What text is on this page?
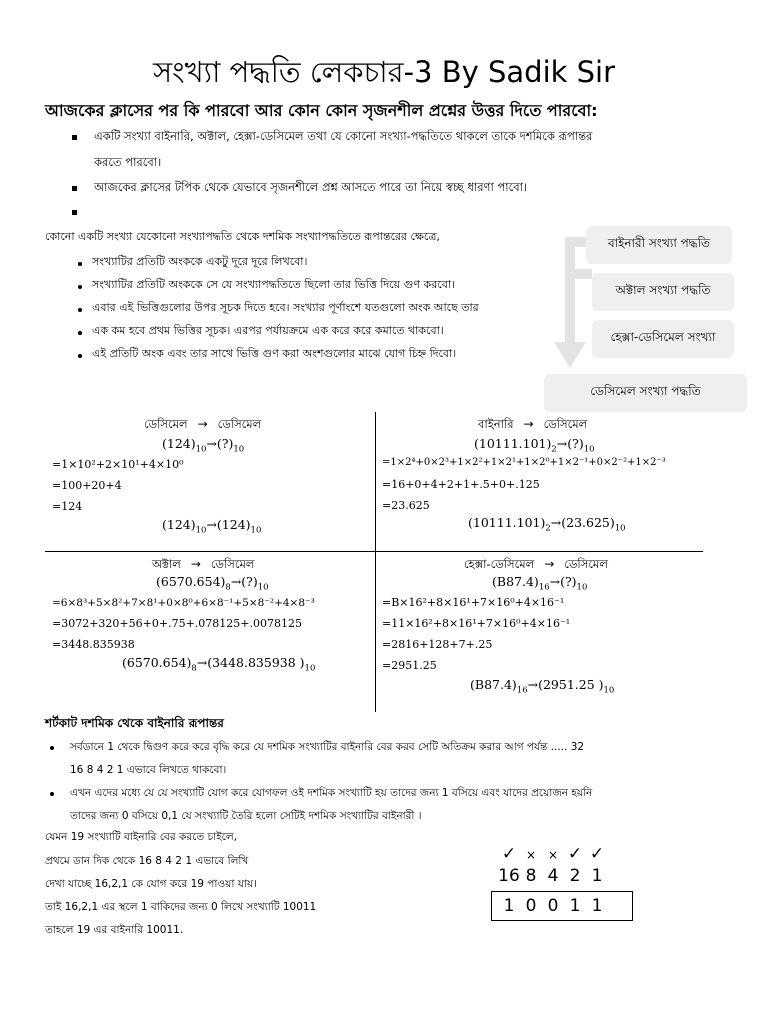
সংখ্যা পদ্ধতি লেকচার-3 By Sadik Sir
আজকের ক্লাসের পর কি পারবো আর কোন কোন সৃজনশীল প্রশ্নের উত্তর দিতে পারবো:
একটি সংখ্যা বাইনারি, অক্টাল, হেক্সা-ডেসিমেল তথা যে কোনো সংখ্যা-পদ্ধতিতে থাকলে তাকে দশমিকে রূপান্তর
করতে পারবো।
আজকের ক্লাসের টপিক থেকে যেভাবে সৃজনশীলে প্রশ্ন আসতে পারে তা নিয়ে স্বচ্ছ ধারণা পাবো।
কোনো একটি সংখ্যা যেকোনো সংখ্যাপদ্ধতি থেকে দশমিক সংখ্যাপদ্ধতিতে রূপান্তরের ক্ষেত্রে,
সংখ্যাটির প্রতিটি অংককে একটু দূরে দূরে লিখবো।
সংখ্যাটির প্রতিটি অংককে সে যে সংখ্যাপদ্ধতিতে ছিলো তার ভিত্তি দিয়ে গুণ করবো।
এবার এই ভিত্তিগুলোর উপর সূচক দিতে হবে। সংখ্যার পূর্ণাংশে যতগুলো অংক আছে তার
এক কম হবে প্রথম ভিত্তির সূচক। এরপর পর্যায়ক্রমে এক করে করে কমাতে থাকবো।
এই প্রতিটি অংক এবং তার সাথে ভিত্তি গুণ করা অংশগুলোর মাঝে যোগ চিহ্ন দিবো।
বাইনারী সংখ্যা পদ্ধতি
অক্টাল সংখ্যা পদ্ধতি
হেক্সা-ডেসিমেল সংখ্যা
ডেসিমেল সংখ্যা পদ্ধতি
ডেসিমেল → ডেসিমেল
$(124)_{10}\to(?)_{10}$
=1×10²+2×10¹+4×10⁰
=100+20+4
=124
$(124)_{10}\to(124)_{10}$
বাইনারি → ডেসিমেল
$(10111.101)_2\to(?)_{10}$
=1×2⁴+0×2³+1×2²+1×2¹+1×2⁰+1×2⁻¹+0×2⁻²+1×2⁻³
=16+0+4+2+1+.5+0+.125
=23.625
$(10111.101)_2\to(23.625)_{10}$
অক্টাল → ডেসিমেল
$(6570.654)_8\to(?)_{10}$
=6×8³+5×8²+7×8¹+0×8⁰+6×8⁻¹+5×8⁻²+4×8⁻³
=3072+320+56+0+.75+.078125+.0078125
=3448.835938
$(6570.654)_8\to(3448.835938$ )$_{10}$
হেক্সা-ডেসিমেল → ডেসিমেল
$(B87.4)_{16}\to(?)_{10}$
=B×16²+8×16¹+7×16⁰+4×16⁻¹
=11×16²+8×16¹+7×16⁰+4×16⁻¹
=2816+128+7+.25
=2951.25
$(B87.4)_{16}\to(2951.25$ )$_{10}$
শর্টকাট দশমিক থেকে বাইনারি রূপান্তর
সর্বডানে 1 থেকে দ্বিগুণ করে করে বৃদ্ধি করে যে দশমিক সংখ্যাটির বাইনারি বের করব সেটি অতিক্রম করার আগ পর্যন্ত ..... 32
16 8 4 2 1 এভাবে লিখতে থাকবো।
এখন এদের মধ্যে যে যে সংখ্যাটি যোগ করে যোগফল ওই দশমিক সংখ্যাটি হয় তাদের জন্য 1 বসিয়ে এবং যাদের প্রয়োজন হয়নি
তাদের জন্য 0 বসিয়ে 0,1 যে সংখ্যাটি তৈরি হলো সেটিই দশমিক সংখ্যাটির বাইনারী ।
যেমন 19 সংখ্যাটি বাইনারি বের করতে চাইলে,
প্রথমে ডান দিক থেকে 16 8 4 2 1 এভাবে লিখি
দেখা যাচ্ছে 16,2,1 কে যোগ করে 19 পাওয়া যায়।
তাই 16,2,1 এর স্থলে 1 বাকিদের জন্য 0 লিখে সংখ্যাটি 10011
তাহলে 19 এর বাইনারি 10011.
✓ × × ✓ ✓
16 8 4 2 1
1 0 0 1 1
